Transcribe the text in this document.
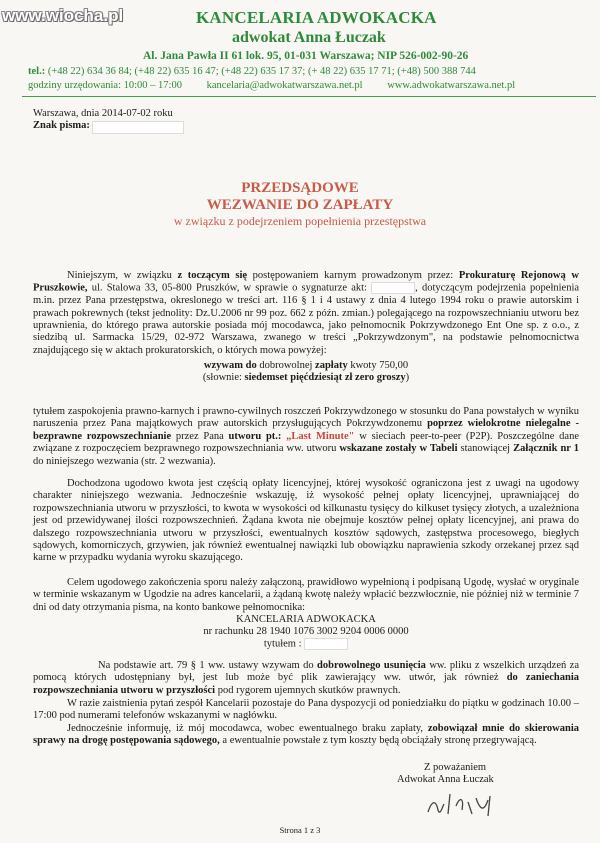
www.wiocha.pl	KANCELARIA ADWOKACKA
adwokat Anna Łuczak
Al. Jana Pawła II 61 lok. 95, 01-031 Warszawa; NIP 526-002-90-26
tel.: (+48 22) 634 36 84; (+48 22) 635 16 47; (+48 22) 635 17 37; (+ 48 22) 635 17 71; (+48) 500 388 744
godziny urzędowania: 10:00 – 17:00 kancelaria@adwokatwarszawa.net.pl www.adwokatwarszawa.net.pl
Warszawa, dnia 2014-07-02 roku
Znak pisma:
PRZEDSĄDOWE
WEZWANIE DO ZAPŁATY
w związku z podejrzeniem popełnienia przestępstwa
Niniejszym, w związku z toczącym się postępowaniem karnym prowadzonym przez: Prokuraturę Rejonową w Pruszkowie, ul. Stalowa 33, 05-800 Pruszków, w sprawie o sygnaturze akt:	, dotyczącym podejrzenia popełnienia m.in. przez Pana przestępstwa, okreslonego w treści art. 116 § 1 i 4 ustawy z dnia 4 lutego 1994 roku o prawie autorskim i prawach pokrewnych (tekst jednolity: Dz.U.2006 nr 99 poz. 662 z późn. zmian.) polegającego na rozpowszechnianiu utworu bez uprawnienia, do którego prawa autorskie posiada mój mocodawca, jako pełnomocnik Pokrzywdzonego Ent One sp. z o.o., z siedzibą ul. Sarmacka 15/29, 02-972 Warszawa, zwanego w treści „Pokrzywdzonym", na podstawie pełnomocnictwa znajdującego się w aktach prokuratorskich, o których mowa powyżej:
wzywam do dobrowolnej zapłaty kwoty 750,00
(słownie: siedemset pięćdziesiąt zł zero groszy)
tytułem zaspokojenia prawno-karnych i prawno-cywilnych roszczeń Pokrzywdzonego w stosunku do Pana powstałych w wyniku naruszenia przez Pana majątkowych praw autorskich przysługujących Pokrzywdzonemu poprzez wielokrotne nielegalne - bezprawne rozpowszechnianie przez Pana utworu pt.: „Last Minute" w sieciach peer-to-peer (P2P). Poszczególne dane związane z rozpoczęciem bezprawnego rozpowszechniania ww. utworu wskazane zostały w Tabeli stanowiącej Załącznik nr 1 do niniejszego wezwania (str. 2 wezwania).
Dochodzona ugodowo kwota jest częścią opłaty licencyjnej, której wysokość ograniczona jest z uwagi na ugodowy charakter niniejszego wezwania. Jednocześnie wskazuję, iż wysokość pełnej opłaty licencyjnej, uprawniającej do rozpowszechniania utworu w przyszłości, to kwota w wysokości od kilkunastu tysięcy do kilkuset tysięcy złotych, a uzależniona jest od przewidywanej ilości rozpowszechnień. Żądana kwota nie obejmuje kosztów pełnej opłaty licencyjnej, ani prawa do dalszego rozpowszechniania utworu w przyszłości, ewentualnych kosztów sądowych, zastępstwa procesowego, biegłych sądowych, komorniczych, grzywien, jak również ewentualnej nawiązki lub obowiązku naprawienia szkody orzekanej przez sąd karne w przypadku wydania wyroku skazującego.
Celem ugodowego zakończenia sporu należy załączoną, prawidłowo wypełnioną i podpisaną Ugodę, wysłać w oryginale w terminie wskazanym w Ugodzie na adres kancelarii, a żądaną kwotę należy wpłacić bezzwłocznie, nie później niż w terminie 7 dni od daty otrzymania pisma, na konto bankowe pełnomocnika:
KANCELARIA ADWOKACKA
nr rachunku 28 1940 1076 3002 9204 0006 0000
tytułem :
Na podstawie art. 79 § 1 ww. ustawy wzywam do dobrowolnego usunięcia ww. pliku z wszelkich urządzeń za pomocą których udostępniany był, jest lub może być plik zawierający ww. utwór, jak również do zaniechania rozpowszechniania utworu w przyszłości pod rygorem ujemnych skutków prawnych.
W razie zaistnienia pytań zespół Kancelarii pozostaje do Pana dyspozycji od poniedziałku do piątku w godzinach 10.00 – 17:00 pod numerami telefonów wskazanymi w nagłówku.
Jednocześnie informuję, iż mój mocodawca, wobec ewentualnego braku zapłaty, zobowiązał mnie do skierowania sprawy na drogę postępowania sądowego, a ewentualnie powstałe z tym koszty będą obciążały stronę przegrywającą.
Z poważaniem
Adwokat Anna Łuczak
Strona 1 z 3
